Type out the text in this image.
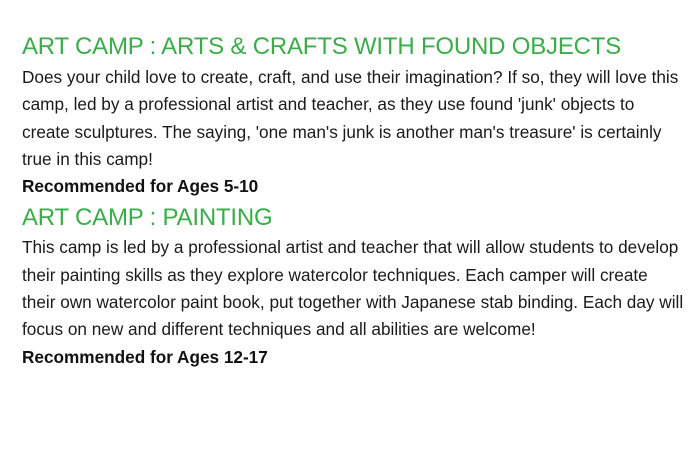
ART CAMP : ARTS & CRAFTS WITH FOUND OBJECTS

Does your child love to create, craft, and use their imagination? If so, they will love this camp, led by a professional artist and teacher, as they use found 'junk' objects to create sculptures. The saying, 'one man's junk is another man's treasure' is certainly true in this camp!

Recommended for Ages 5-10

ART CAMP : PAINTING

This camp is led by a professional artist and teacher that will allow students to develop their painting skills as they explore watercolor techniques. Each camper will create their own watercolor paint book, put together with Japanese stab binding. Each day will focus on new and different techniques and all abilities are welcome!

Recommended for Ages 12-17
